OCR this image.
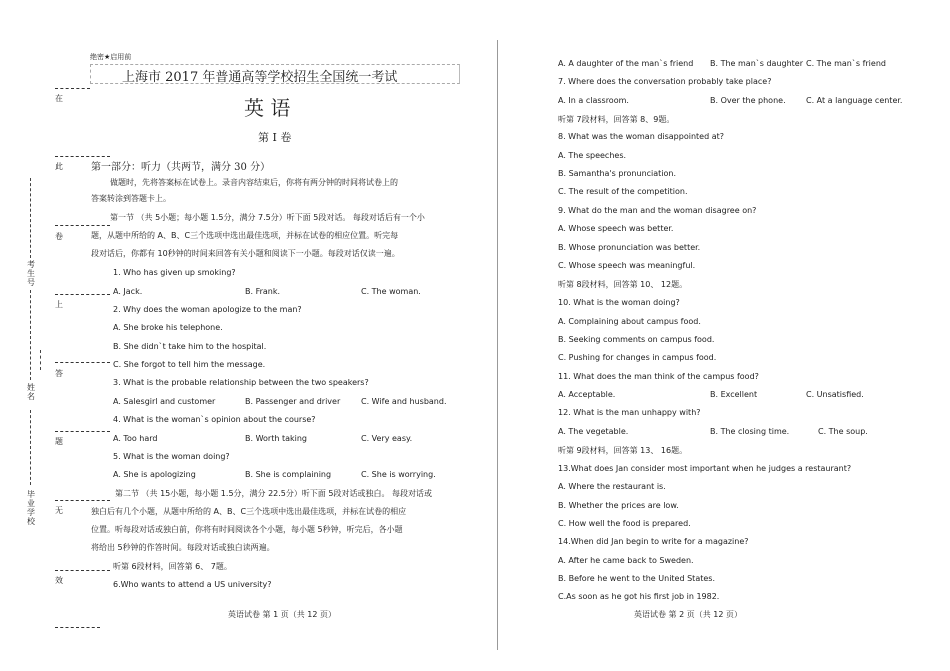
在
此
卷
上
答
题
无
效
考生号
姓名
毕业学校
绝密★启用前
上海市 2017 年普通高等学校招生全国统一考试
英 语
第 I 卷
第一部分：听力（共两节，满分 30 分）
做题时，先将答案标在试卷上。录音内容结束后，你将有两分钟的时间将试卷上的
答案转涂到答题卡上。
第一节 （共 5小题；每小题 1.5分，满分 7.5分）听下面 5段对话。 每段对话后有一个小
题，从题中所给的 A、B、C三个选项中选出最佳选项，并标在试卷的相应位置。听完每
段对话后，你都有 10秒钟的时间来回答有关小题和阅读下一小题。每段对话仅读一遍。
1. Who has given up smoking?
A. Jack.	B. Frank.	C. The woman.
2. Why does the woman apologize to the man?
A. She broke his telephone.
B. She didn`t take him to the hospital.
C. She forgot to tell him the message.
3. What is the probable relationship between the two speakers?
A. Salesgirl and customer	B. Passenger and driver	C. Wife and husband.
4. What is the woman`s opinion about the course?
A. Too hard	B. Worth taking	C. Very easy.
5. What is the woman doing?
A. She is apologizing	B. She is complaining	C. She is worrying.
第二节 （共 15小题，每小题 1.5分，满分 22.5分）听下面 5段对话或独白。 每段对话或
独白后有几个小题，从题中所给的 A、B、C三个选项中选出最佳选项，并标在试卷的相应
位置。听每段对话或独白前，你将有时间阅读各个小题，每小题 5秒钟，听完后，各小题
将给出 5秒钟的作答时间。每段对话或独白读两遍。
听第 6段材料，回答第 6、 7题。
6.Who wants to attend a US university?
英语试卷 第 1 页（共 12 页）
A. A daughter of the man`s friend B. The man`s daughter C. The man`s friend
7. Where does the conversation probably take place?
A. In a classroom.	B. Over the phone.	C. At a language center.
听第 7段材料，回答第 8、9题。
8. What was the woman disappointed at?
A. The speeches.
B. Samantha's pronunciation.
C. The result of the competition.
9. What do the man and the woman disagree on?
A. Whose speech was better.
B. Whose pronunciation was better.
C. Whose speech was meaningful.
听第 8段材料，回答第 10、 12题。
10. What is the woman doing?
A. Complaining about campus food.
B. Seeking comments on campus food.
C. Pushing for changes in campus food.
11. What does the man think of the campus food?
A. Acceptable.	B. Excellent	C. Unsatisfied.
12. What is the man unhappy with?
A. The vegetable.	B. The closing time.	C. The soup.
听第 9段材料，回答第 13、 16题。
13.What does Jan consider most important when he judges a restaurant?
A. Where the restaurant is.
B. Whether the prices are low.
C. How well the food is prepared.
14.When did Jan begin to write for a magazine?
A. After he came back to Sweden.
B. Before he went to the United States.
C.As soon as he got his first job in 1982.
英语试卷 第 2 页（共 12 页）
